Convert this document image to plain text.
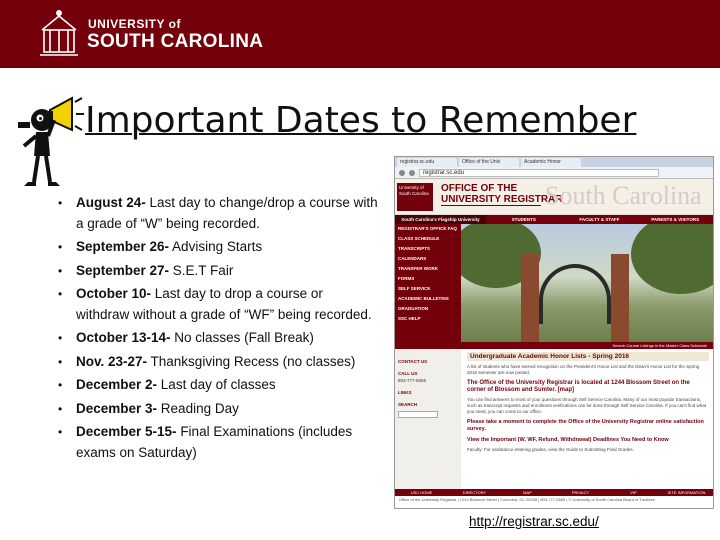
UNIVERSITY of
SOUTH CAROLINA
Important Dates to Remember
• August 24- Last day to change/drop a course with a grade of “W” being recorded.
• September 26- Advising Starts
• September 27- S.E.T Fair
• October 10- Last day to drop a course or withdraw without a grade of “WF” being recorded.
• October 13-14- No classes (Fall Break)
• Nov. 23-27- Thanksgiving Recess (no classes)
• December 2- Last day of classes
• December 3- Reading Day
• December 5-15- Final Examinations (includes exams on Saturday)
registrar.sc.edu	Office of the Univ	Academic Honor
registrar.sc.edu
University of South Carolina	OFFICE OF THE
UNIVERSITY REGISTRAR
South Carolina
South Carolina's Flagship University	STUDENTS	FACULTY & STAFF	PARENTS & VISITORS
REGISTRAR'S OFFICE FAQ
CLASS SCHEDULE
TRANSCRIPTS
CALENDARS
TRANSFER WORK
FORMS
SELF SERVICE
ACADEMIC BULLETINS
GRADUATION
SSC HELP
Search Course Listings in the Master Class Schedule
CONTACT US
CALL US
803-777-5555
LINKS
SEARCH
Undergraduate Academic Honor Lists - Spring 2016
A list of students who have earned recognition on the President's Honor List and the Dean's Honor List for the Spring 2016 semester are now posted.
The Office of the University Registrar is located at 1244 Blossom Street on the corner of Blossom and Sumter. [map]
You can find answers to most of your questions through Self Service Carolina. Many of our most popular transactions, such as transcript requests and enrollment verifications can be done through Self Service Carolina. If you can't find what you need, you can come to our office.
Please take a moment to complete the Office of the University Registrar online satisfaction survey.
View the Important (W, WF, Refund, Withdrawal) Deadlines You Need to Know
Faculty: For assistance entering grades, view the Guide to Submitting Final Grades.
USC HOME	DIRECTORY	MAP	PRIVACY	VIP	SITE INFORMATION
Office of the University Registrar | 1244 Blossom Street | Columbia, SC 29208 | 803-777-5555 | © University of South Carolina Board of Trustees
http://registrar.sc.edu/
